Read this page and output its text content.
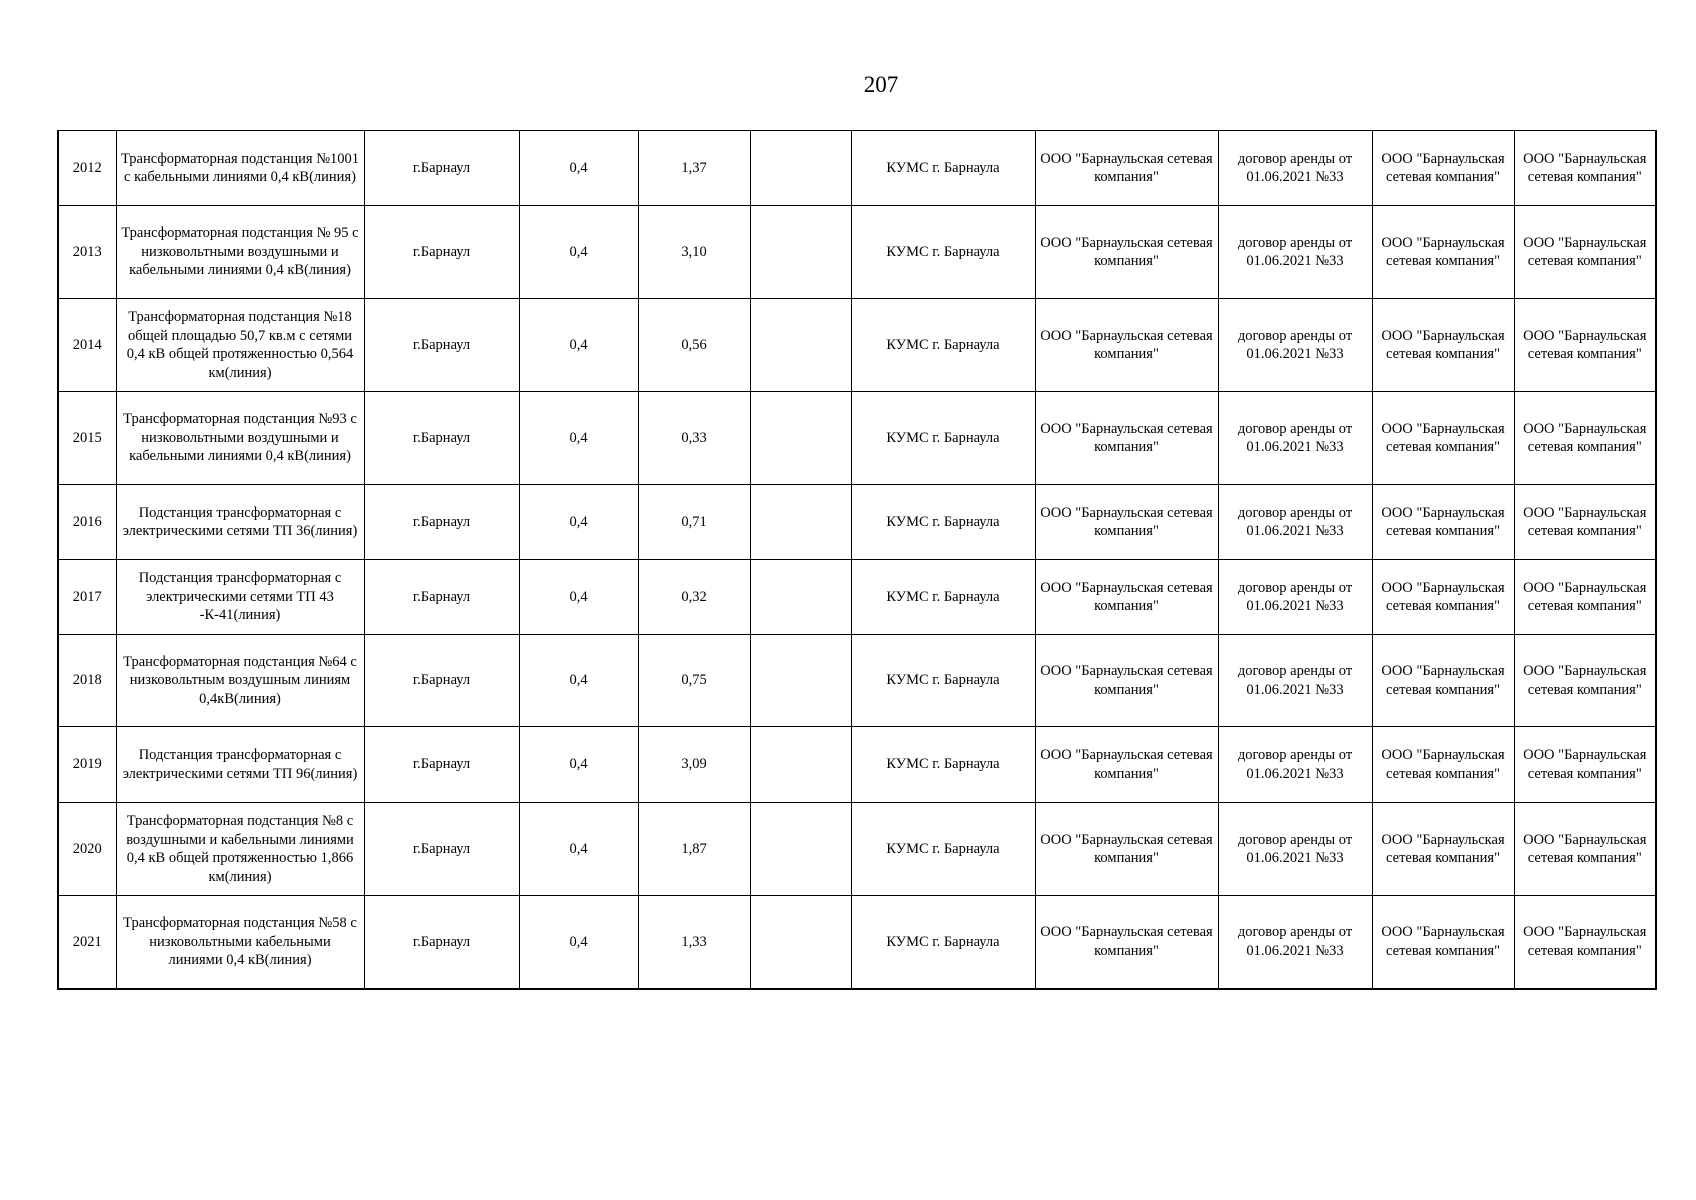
207
2012	Трансформаторная подстанция №1001 с кабельными линиями 0,4 кВ(линия)	г.Барнаул	0,4	1,37		КУМС г. Барнаула	ООО "Барнаульская сетевая компания"	договор аренды от 01.06.2021 №33	ООО "Барнаульская сетевая компания"	ООО "Барнаульская сетевая компания"
2013	Трансформаторная подстанция № 95 с низковольтными воздушными и кабельными линиями 0,4 кВ(линия)	г.Барнаул	0,4	3,10		КУМС г. Барнаула	ООО "Барнаульская сетевая компания"	договор аренды от 01.06.2021 №33	ООО "Барнаульская сетевая компания"	ООО "Барнаульская сетевая компания"
2014	Трансформаторная подстанция №18 общей площадью 50,7 кв.м с сетями 0,4 кВ общей протяженностью 0,564 км(линия)	г.Барнаул	0,4	0,56		КУМС г. Барнаула	ООО "Барнаульская сетевая компания"	договор аренды от 01.06.2021 №33	ООО "Барнаульская сетевая компания"	ООО "Барнаульская сетевая компания"
2015	Трансформаторная подстанция №93 с низковольтными воздушными и кабельными линиями 0,4 кВ(линия)	г.Барнаул	0,4	0,33		КУМС г. Барнаула	ООО "Барнаульская сетевая компания"	договор аренды от 01.06.2021 №33	ООО "Барнаульская сетевая компания"	ООО "Барнаульская сетевая компания"
2016	Подстанция трансформаторная с электрическими сетями ТП 36(линия)	г.Барнаул	0,4	0,71		КУМС г. Барнаула	ООО "Барнаульская сетевая компания"	договор аренды от 01.06.2021 №33	ООО "Барнаульская сетевая компания"	ООО "Барнаульская сетевая компания"
2017	Подстанция трансформаторная с электрическими сетями ТП 43 -К-41(линия)	г.Барнаул	0,4	0,32		КУМС г. Барнаула	ООО "Барнаульская сетевая компания"	договор аренды от 01.06.2021 №33	ООО "Барнаульская сетевая компания"	ООО "Барнаульская сетевая компания"
2018	Трансформаторная подстанция №64 с низковольтным воздушным линиям 0,4кВ(линия)	г.Барнаул	0,4	0,75		КУМС г. Барнаула	ООО "Барнаульская сетевая компания"	договор аренды от 01.06.2021 №33	ООО "Барнаульская сетевая компания"	ООО "Барнаульская сетевая компания"
2019	Подстанция трансформаторная с электрическими сетями ТП 96(линия)	г.Барнаул	0,4	3,09		КУМС г. Барнаула	ООО "Барнаульская сетевая компания"	договор аренды от 01.06.2021 №33	ООО "Барнаульская сетевая компания"	ООО "Барнаульская сетевая компания"
2020	Трансформаторная подстанция №8 с воздушными и кабельными линиями 0,4 кВ общей протяженностью 1,866 км(линия)	г.Барнаул	0,4	1,87		КУМС г. Барнаула	ООО "Барнаульская сетевая компания"	договор аренды от 01.06.2021 №33	ООО "Барнаульская сетевая компания"	ООО "Барнаульская сетевая компания"
2021	Трансформаторная подстанция №58 с низковольтными кабельными линиями 0,4 кВ(линия)	г.Барнаул	0,4	1,33		КУМС г. Барнаула	ООО "Барнаульская сетевая компания"	договор аренды от 01.06.2021 №33	ООО "Барнаульская сетевая компания"	ООО "Барнаульская сетевая компания"
